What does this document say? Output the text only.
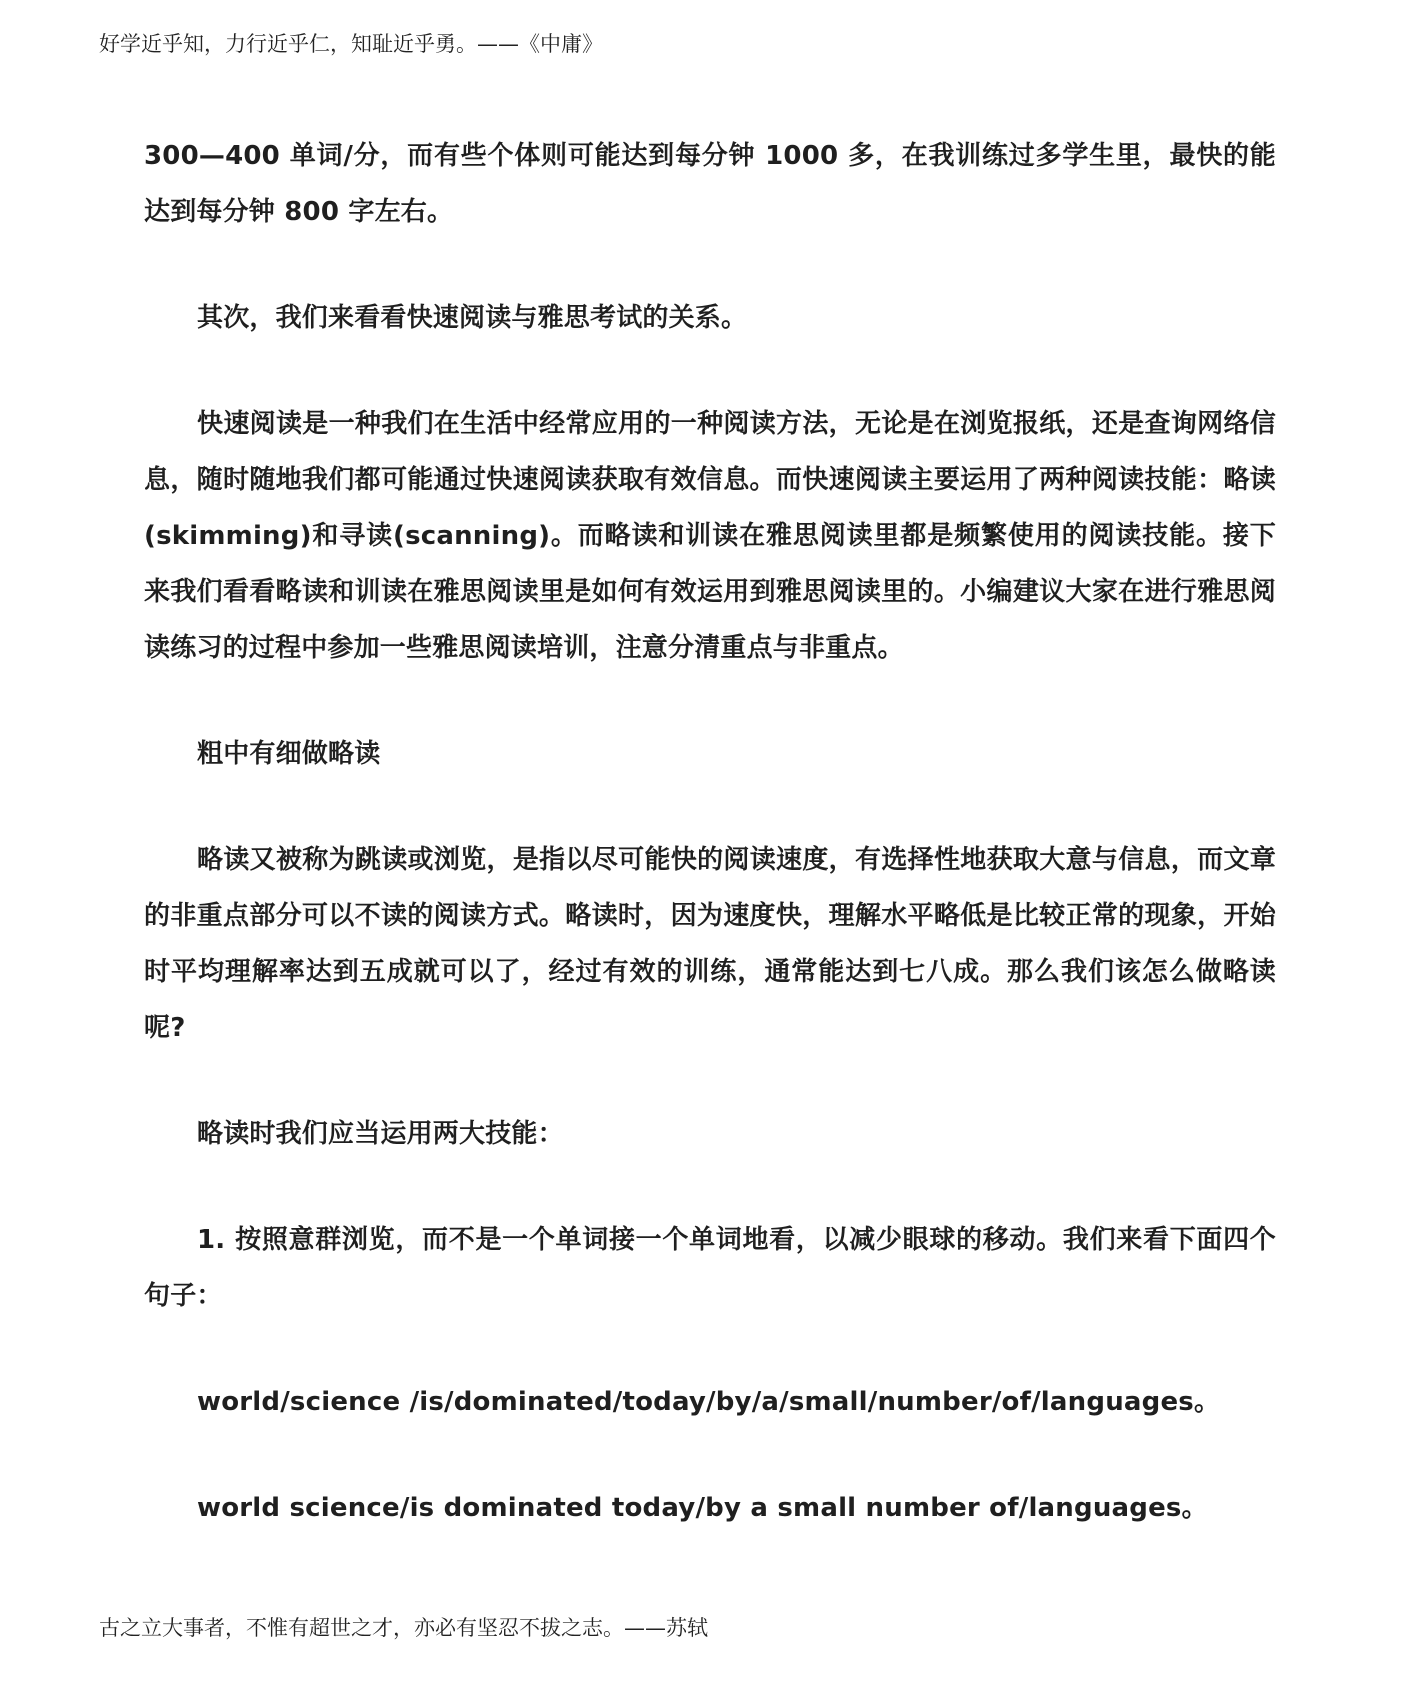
好学近乎知，力行近乎仁，知耻近乎勇。——《中庸》

300—400 单词/分，而有些个体则可能达到每分钟 1000 多，在我训练过多学生里，最快的能达到每分钟 800 字左右。

其次，我们来看看快速阅读与雅思考试的关系。

快速阅读是一种我们在生活中经常应用的一种阅读方法，无论是在浏览报纸，还是查询网络信息，随时随地我们都可能通过快速阅读获取有效信息。而快速阅读主要运用了两种阅读技能：略读(skimming)和寻读(scanning)。而略读和训读在雅思阅读里都是频繁使用的阅读技能。接下来我们看看略读和训读在雅思阅读里是如何有效运用到雅思阅读里的。小编建议大家在进行雅思阅读练习的过程中参加一些雅思阅读培训，注意分清重点与非重点。

粗中有细做略读

略读又被称为跳读或浏览，是指以尽可能快的阅读速度，有选择性地获取大意与信息，而文章的非重点部分可以不读的阅读方式。略读时，因为速度快，理解水平略低是比较正常的现象，开始时平均理解率达到五成就可以了，经过有效的训练，通常能达到七八成。那么我们该怎么做略读呢?

略读时我们应当运用两大技能：

1. 按照意群浏览，而不是一个单词接一个单词地看，以减少眼球的移动。我们来看下面四个句子：

world/science /is/dominated/today/by/a/small/number/of/languages。

world science/is dominated today/by a small number of/languages。

古之立大事者，不惟有超世之才，亦必有坚忍不拔之志。——苏轼
